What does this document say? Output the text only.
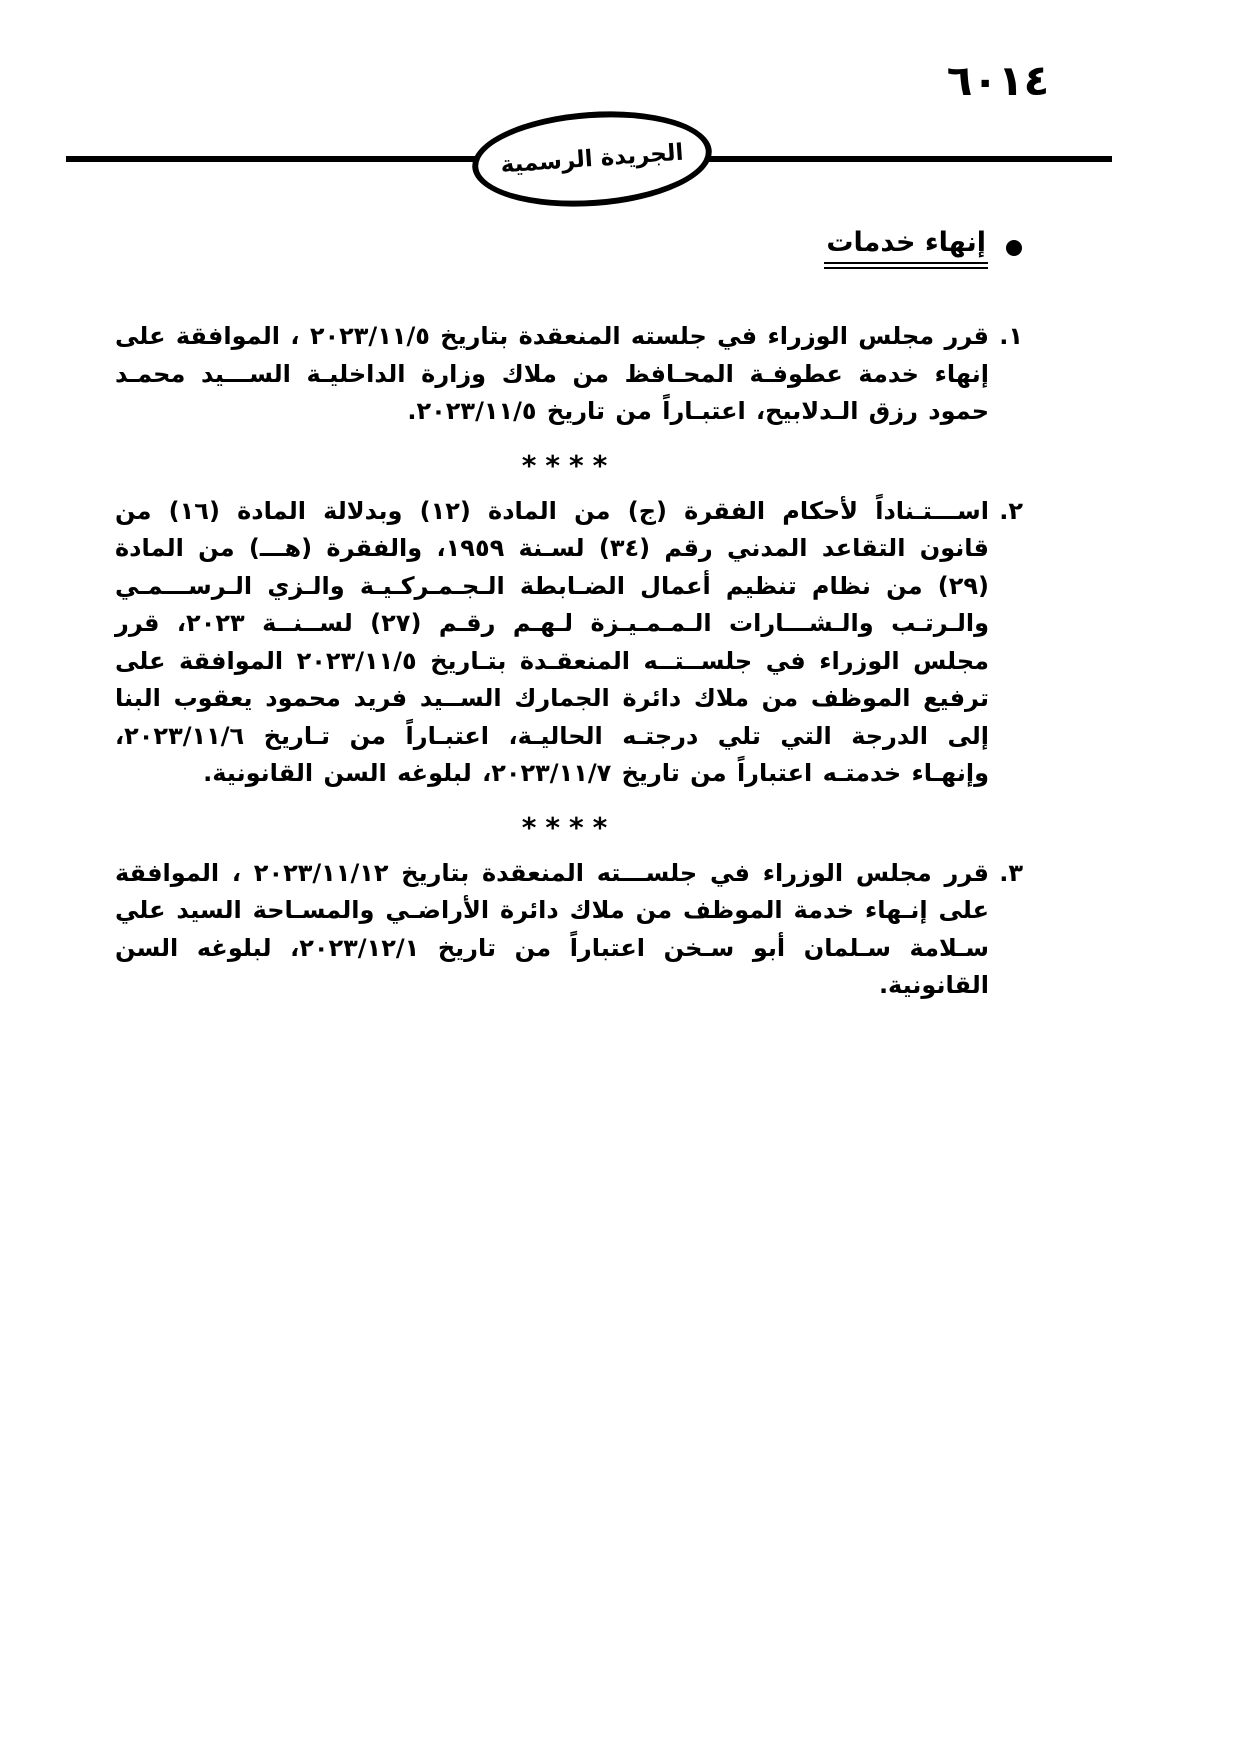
٦٠١٤
الجريدة الرسمية
إنهاء خدمات
١.

قرر مجلس الوزراء في جلسته المنعقدة بتاريخ ٢٠٢٣/١١/٥ ، الموافقة على إنهاء خدمة عطوفـة المحـافظ من ملاك وزارة الداخليـة الســـيد محمـد حمود رزق الـدلابيح، اعتبـاراً من تاريخ ٢٠٢٣/١١/٥.

****
٢.

اســـتـناداً لأحكام الفقرة (ج) من المادة (١٢) وبدلالة المادة (١٦) من قانون التقاعد المدني رقم (٣٤) لسـنة ١٩٥٩، والفقرة (هـــ) من المادة (٢٩) من نظام تنظيم أعمال الضـابطة الـجـمـركـيـة والـزي الـرســـمـي والـرتـب والـشـــارات الـمـمـيـزة لـهـم رقـم (٢٧) لســنــة ٢٠٢٣، قرر مجلس الوزراء في جلســتــه المنعقـدة بتـاريخ ٢٠٢٣/١١/٥ الموافقة على ترفيع الموظف من ملاك دائرة الجمارك الســيد فريد محمود يعقوب البنا إلى الدرجة التي تلي درجتـه الحاليـة، اعتبـاراً من تـاريخ ٢٠٢٣/١١/٦، وإنهـاء خدمتـه اعتباراً من تاريخ ٢٠٢٣/١١/٧، لبلوغه السن القانونية.

****
٣.

قرر مجلس الوزراء في جلســـته المنعقدة بتاريخ ٢٠٢٣/١١/١٢ ، الموافقة على إنـهاء خدمة الموظف من ملاك دائرة الأراضـي والمسـاحة السيد علي سـلامة سـلمان أبو سـخن اعتباراً من تاريخ ٢٠٢٣/١٢/١، لبلوغه السن القانونية.
